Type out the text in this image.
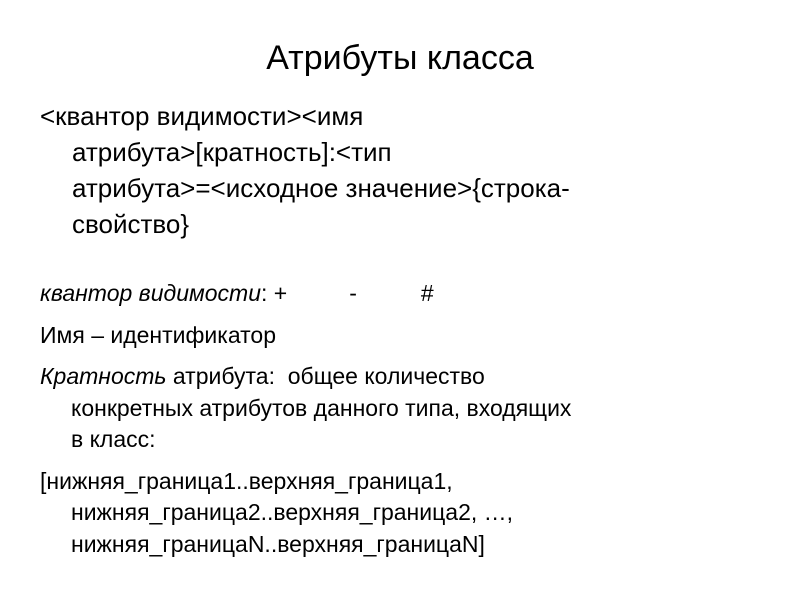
Атрибуты класса
<квантор видимости><имя
атрибута>[кратность]:<тип
атрибута>=<исходное значение>{строка-
свойство}
квантор видимости: +	-	#
Имя – идентификатор
Кратность атрибута:  общее количество
конкретных атрибутов данного типа, входящих
в класс:
[нижняя_граница1..верхняя_граница1,
нижняя_граница2..верхняя_граница2, …,
нижняя_границаN..верхняя_границаN]
